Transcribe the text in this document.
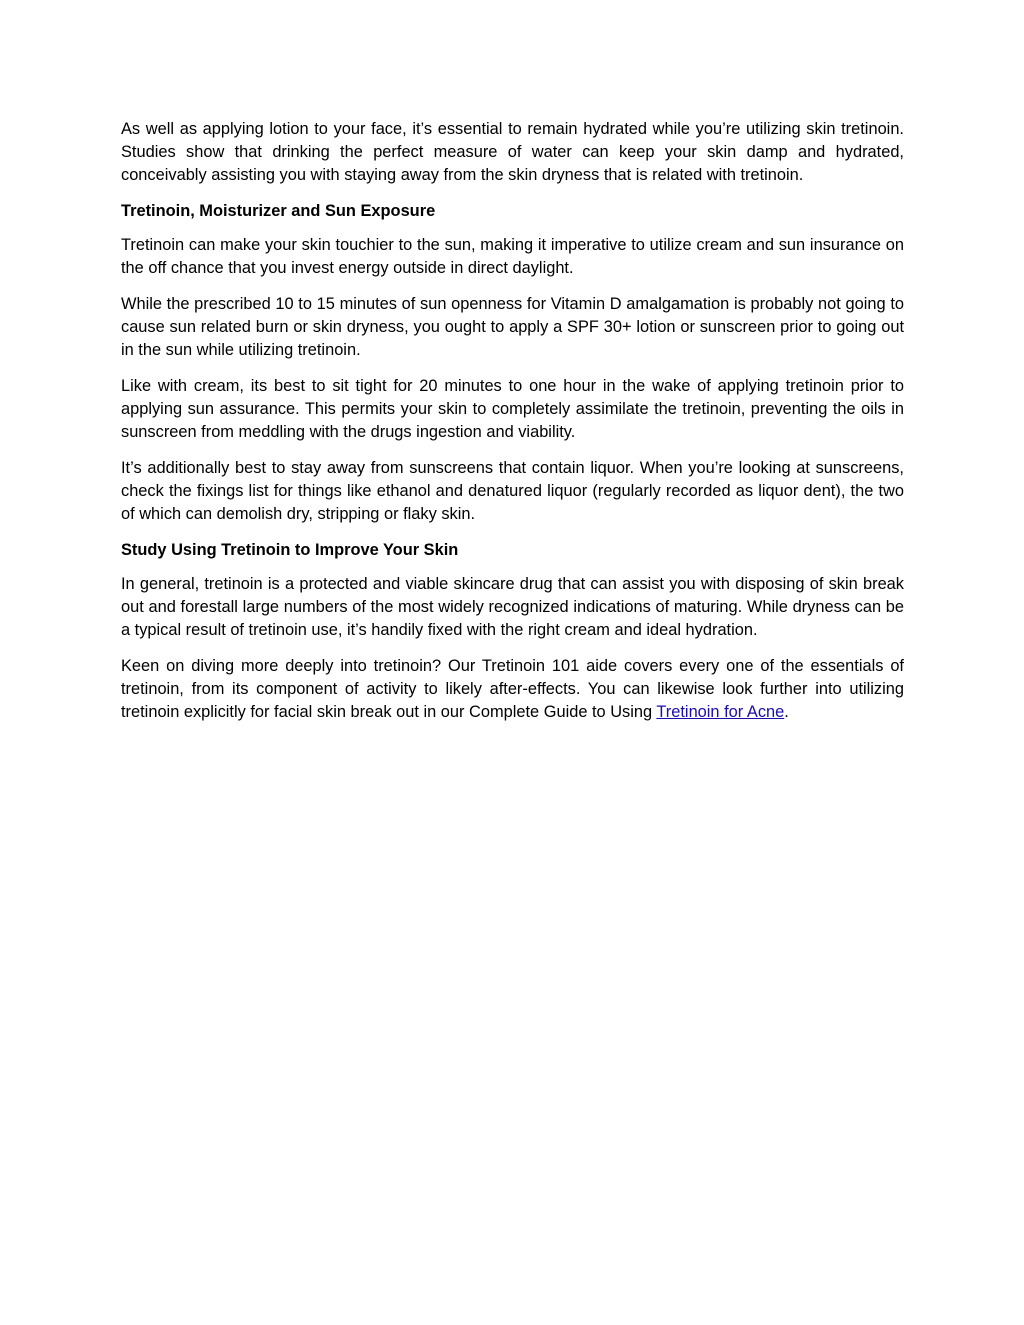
As well as applying lotion to your face, it’s essential to remain hydrated while you’re utilizing skin tretinoin. Studies show that drinking the perfect measure of water can keep your skin damp and hydrated, conceivably assisting you with staying away from the skin dryness that is related with tretinoin.

Tretinoin, Moisturizer and Sun Exposure

Tretinoin can make your skin touchier to the sun, making it imperative to utilize cream and sun insurance on the off chance that you invest energy outside in direct daylight.

While the prescribed 10 to 15 minutes of sun openness for Vitamin D amalgamation is probably not going to cause sun related burn or skin dryness, you ought to apply a SPF 30+ lotion or sunscreen prior to going out in the sun while utilizing tretinoin.

Like with cream, its best to sit tight for 20 minutes to one hour in the wake of applying tretinoin prior to applying sun assurance. This permits your skin to completely assimilate the tretinoin, preventing the oils in sunscreen from meddling with the drugs ingestion and viability.

It’s additionally best to stay away from sunscreens that contain liquor. When you’re looking at sunscreens, check the fixings list for things like ethanol and denatured liquor (regularly recorded as liquor dent), the two of which can demolish dry, stripping or flaky skin.

Study Using Tretinoin to Improve Your Skin

In general, tretinoin is a protected and viable skincare drug that can assist you with disposing of skin break out and forestall large numbers of the most widely recognized indications of maturing. While dryness can be a typical result of tretinoin use, it’s handily fixed with the right cream and ideal hydration.

Keen on diving more deeply into tretinoin? Our Tretinoin 101 aide covers every one of the essentials of tretinoin, from its component of activity to likely after-effects. You can likewise look further into utilizing tretinoin explicitly for facial skin break out in our Complete Guide to Using Tretinoin for Acne.
